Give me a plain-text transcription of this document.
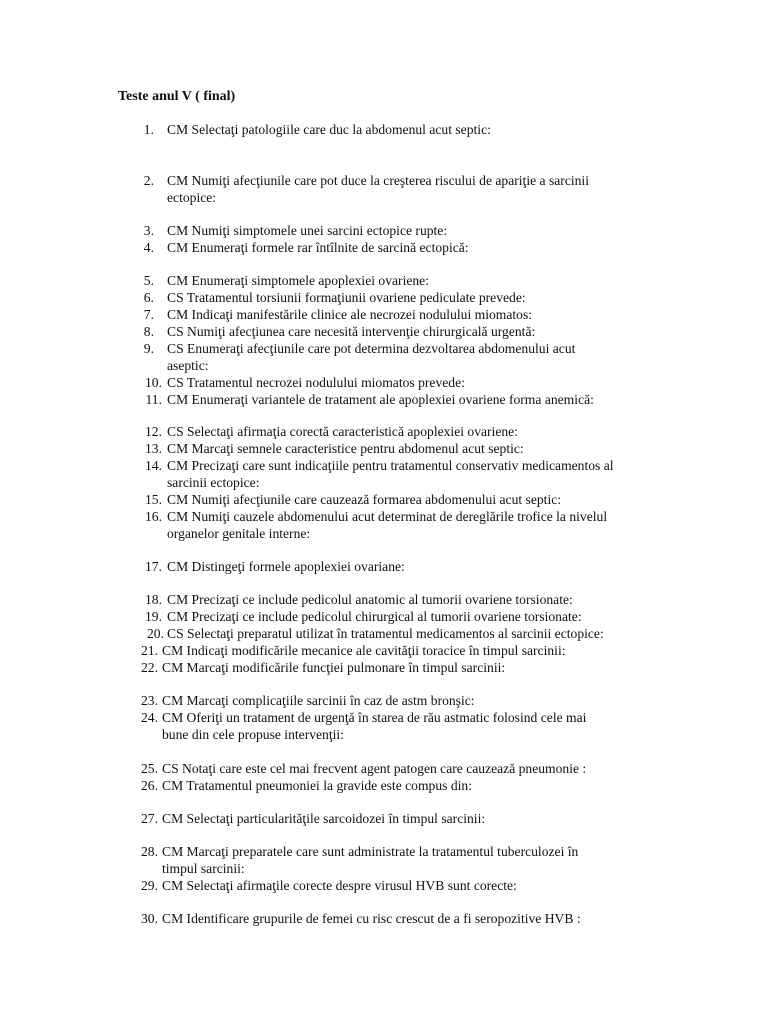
Teste anul V ( final)
1. CM Selectaţi patologiile care duc la abdomenul acut septic:
2. CM Numiţi afecţiunile care pot duce la creşterea riscului de apariţie a sarcinii
ectopice:
3. CM Numiţi simptomele unei sarcini ectopice rupte:
4. CM Enumeraţi formele rar întîlnite de sarcină ectopică:
5. CM Enumeraţi simptomele apoplexiei ovariene:
6. CS Tratamentul torsiunii formaţiunii ovariene pediculate prevede:
7. CM Indicaţi manifestările clinice ale necrozei nodulului miomatos:
8. CS Numiţi afecţiunea care necesită intervenţie chirurgicală urgentă:
9. CS Enumeraţi afecţiunile care pot determina dezvoltarea abdomenului acut
aseptic:
10. CS Tratamentul necrozei nodulului miomatos prevede:
11. CM Enumeraţi variantele de tratament ale apoplexiei ovariene forma anemică:
12. CS Selectaţi afirmaţia corectă caracteristică apoplexiei ovariene:
13. CM Marcaţi semnele caracteristice pentru abdomenul acut septic:
14. CM Precizaţi care sunt indicaţiile pentru tratamentul conservativ medicamentos al
sarcinii ectopice:
15. CM Numiţi afecţiunile care cauzează formarea abdomenului acut septic:
16. CM Numiţi cauzele abdomenului acut determinat de dereglările trofice la nivelul
organelor genitale interne:
17. CM Distingeţi formele apoplexiei ovariane:
18. CM Precizaţi ce include pedicolul anatomic al tumorii ovariene torsionate:
19. CM Precizaţi ce include pedicolul chirurgical al tumorii ovariene torsionate:
20. CS Selectaţi preparatul utilizat în tratamentul medicamentos al sarcinii ectopice:
21. CM Indicaţi modificările mecanice ale cavităţii toracice în timpul sarcinii:
22. CM Marcaţi modificările funcţiei pulmonare în timpul sarcinii:
23. CM Marcaţi complicaţiile sarcinii în caz de astm bronşic:
24. CM Oferiţi un tratament de urgenţă în starea de rău astmatic folosind cele mai
bune din cele propuse intervenţii:
25. CS Notaţi care este cel mai frecvent agent patogen care cauzează pneumonie :
26. CM Tratamentul pneumoniei la gravide este compus din:
27. CM Selectaţi particularităţile sarcoidozei în timpul sarcinii:
28. CM Marcaţi preparatele care sunt administrate la tratamentul tuberculozei în
timpul sarcinii:
29. CM Selectaţi afirmaţile corecte despre virusul HVB sunt corecte:
30. CM Identificare grupurile de femei cu risc crescut de a fi seropozitive HVB :
